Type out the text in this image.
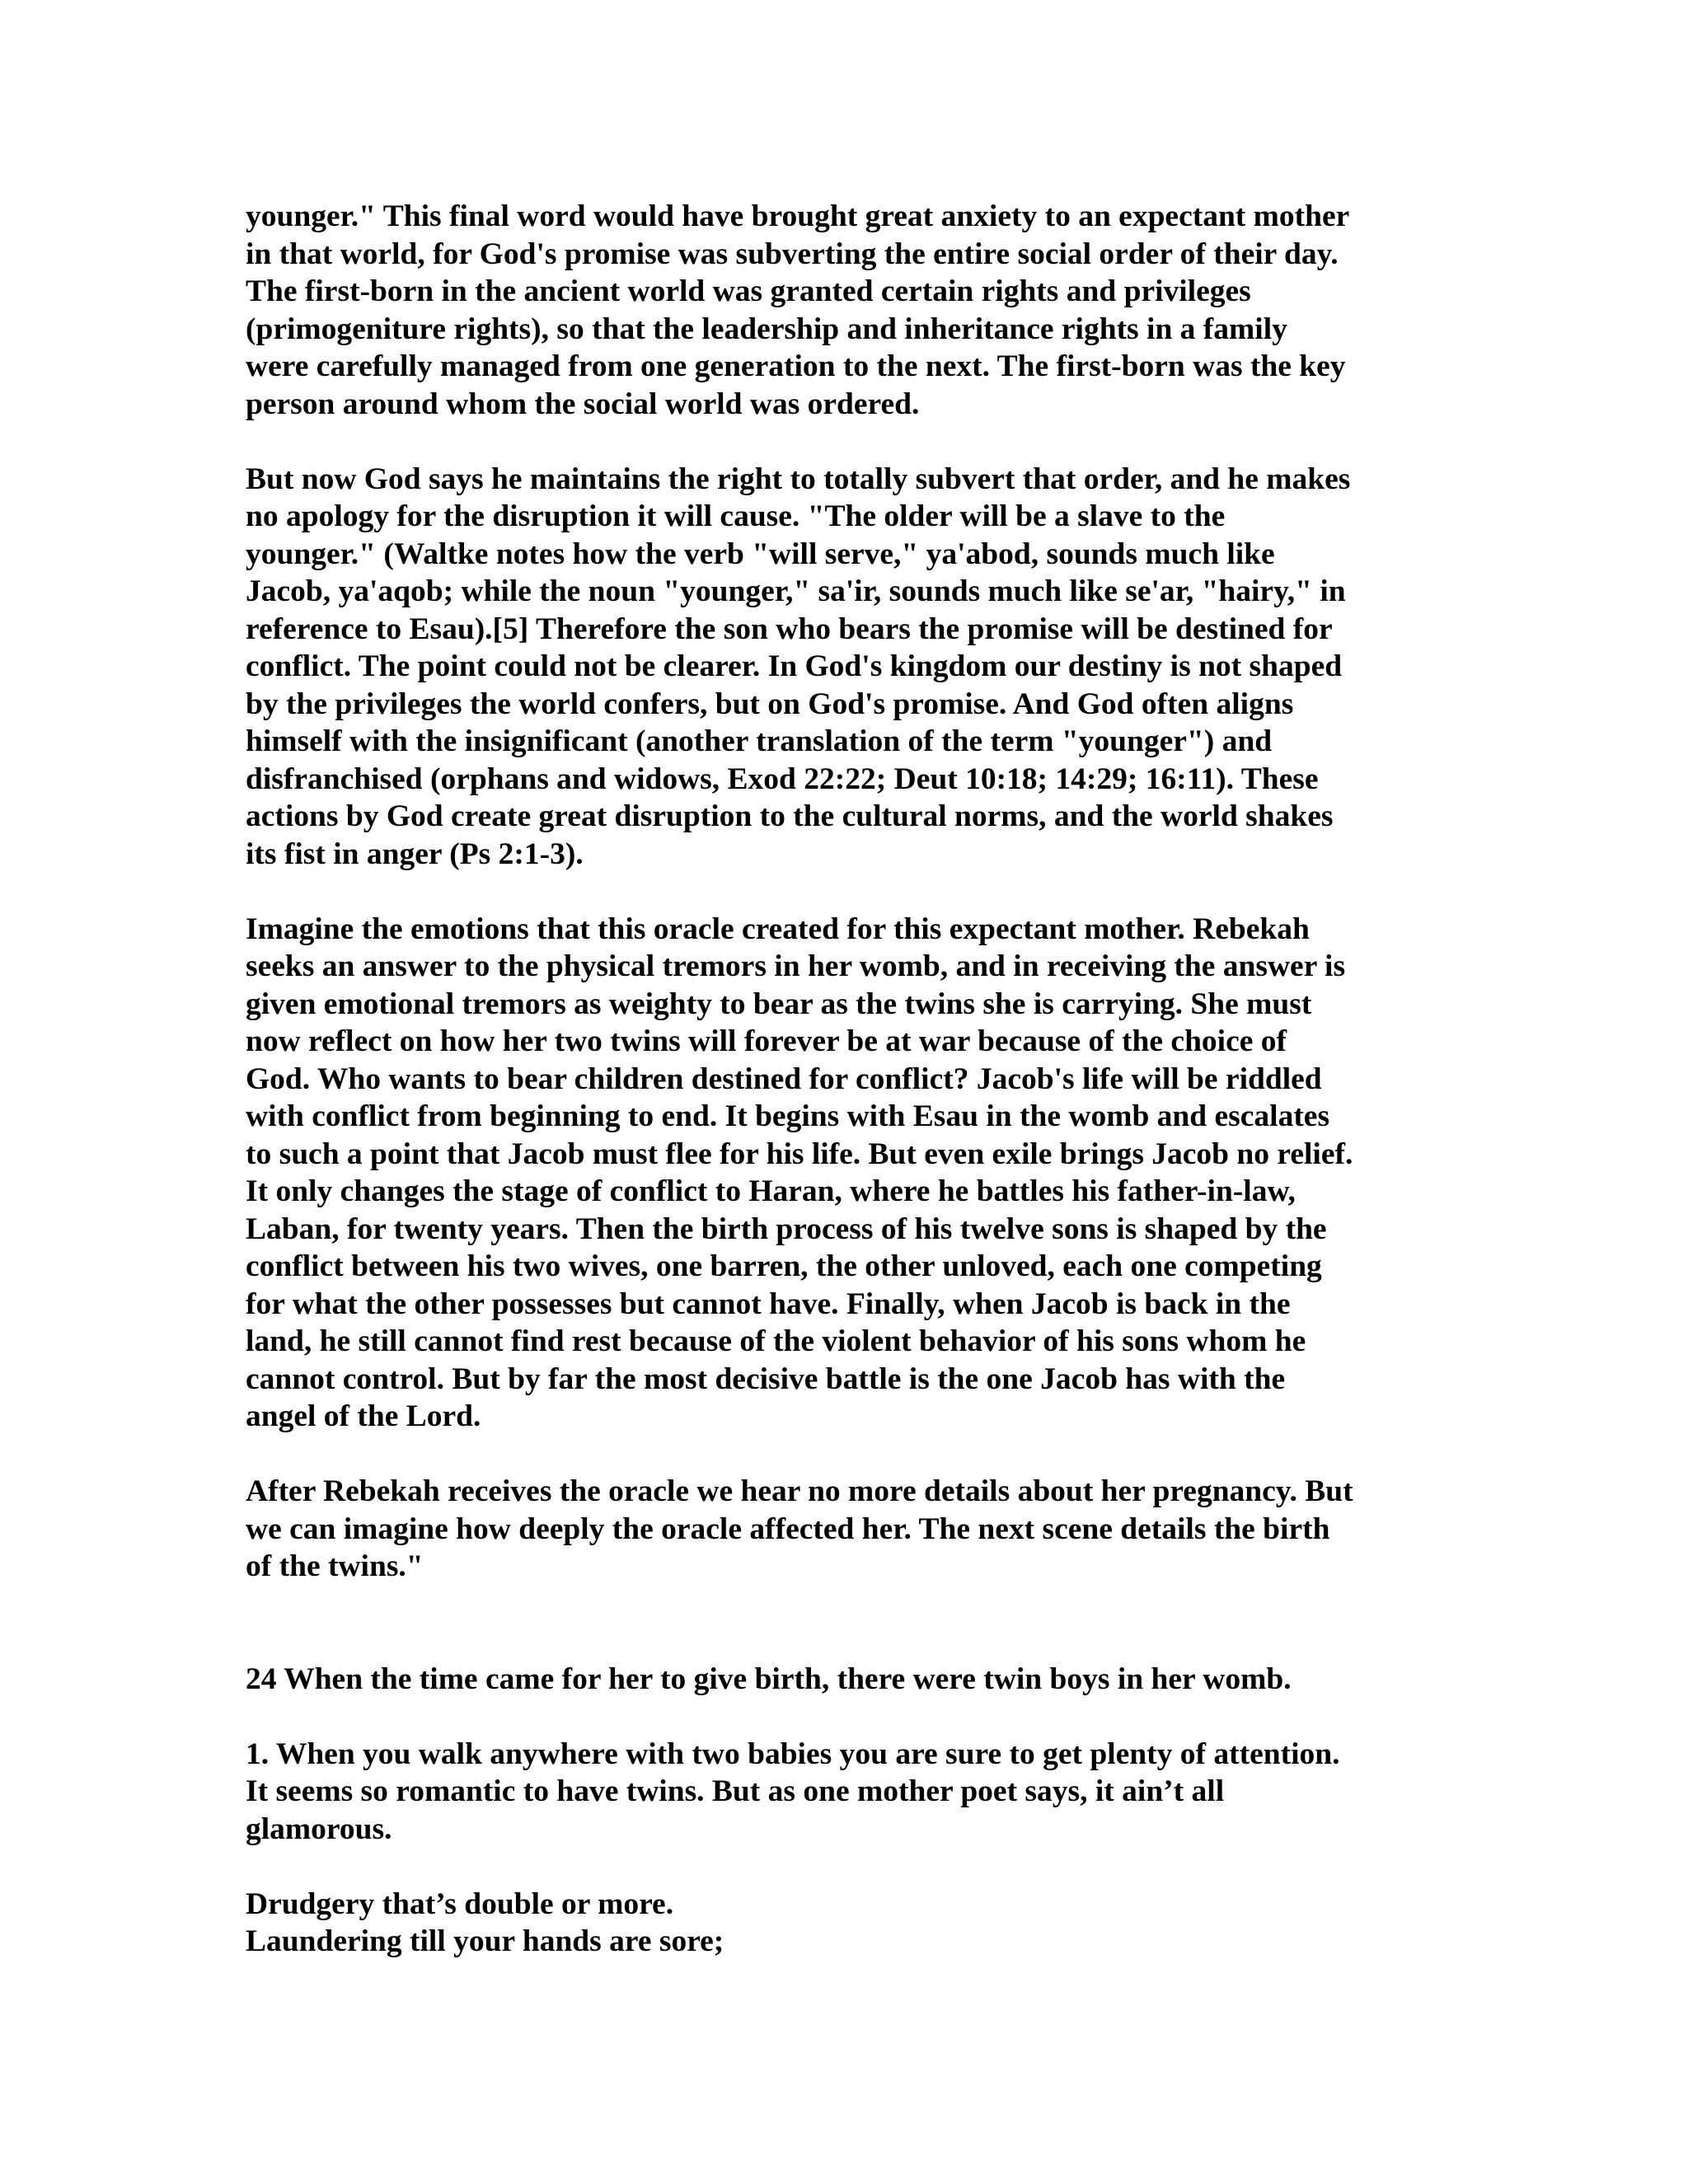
younger." This final word would have brought great anxiety to an expectant mother
in that world, for God's promise was subverting the entire social order of their day.
The first-born in the ancient world was granted certain rights and privileges
(primogeniture rights), so that the leadership and inheritance rights in a family
were carefully managed from one generation to the next. The first-born was the key
person around whom the social world was ordered.

But now God says he maintains the right to totally subvert that order, and he makes
no apology for the disruption it will cause. "The older will be a slave to the
younger." (Waltke notes how the verb "will serve," ya'abod, sounds much like
Jacob, ya'aqob; while the noun "younger," sa'ir, sounds much like se'ar, "hairy," in
reference to Esau).[5] Therefore the son who bears the promise will be destined for
conflict. The point could not be clearer. In God's kingdom our destiny is not shaped
by the privileges the world confers, but on God's promise. And God often aligns
himself with the insignificant (another translation of the term "younger") and
disfranchised (orphans and widows, Exod 22:22; Deut 10:18; 14:29; 16:11). These
actions by God create great disruption to the cultural norms, and the world shakes
its fist in anger (Ps 2:1-3).

Imagine the emotions that this oracle created for this expectant mother. Rebekah
seeks an answer to the physical tremors in her womb, and in receiving the answer is
given emotional tremors as weighty to bear as the twins she is carrying. She must
now reflect on how her two twins will forever be at war because of the choice of
God. Who wants to bear children destined for conflict? Jacob's life will be riddled
with conflict from beginning to end. It begins with Esau in the womb and escalates
to such a point that Jacob must flee for his life. But even exile brings Jacob no relief.
It only changes the stage of conflict to Haran, where he battles his father-in-law,
Laban, for twenty years. Then the birth process of his twelve sons is shaped by the
conflict between his two wives, one barren, the other unloved, each one competing
for what the other possesses but cannot have. Finally, when Jacob is back in the
land, he still cannot find rest because of the violent behavior of his sons whom he
cannot control. But by far the most decisive battle is the one Jacob has with the
angel of the Lord.

After Rebekah receives the oracle we hear no more details about her pregnancy. But
we can imagine how deeply the oracle affected her. The next scene details the birth
of the twins."

24 When the time came for her to give birth, there were twin boys in her womb.

1. When you walk anywhere with two babies you are sure to get plenty of attention.
It seems so romantic to have twins. But as one mother poet says, it ain’t all
glamorous.

Drudgery that’s double or more.
Laundering till your hands are sore;
